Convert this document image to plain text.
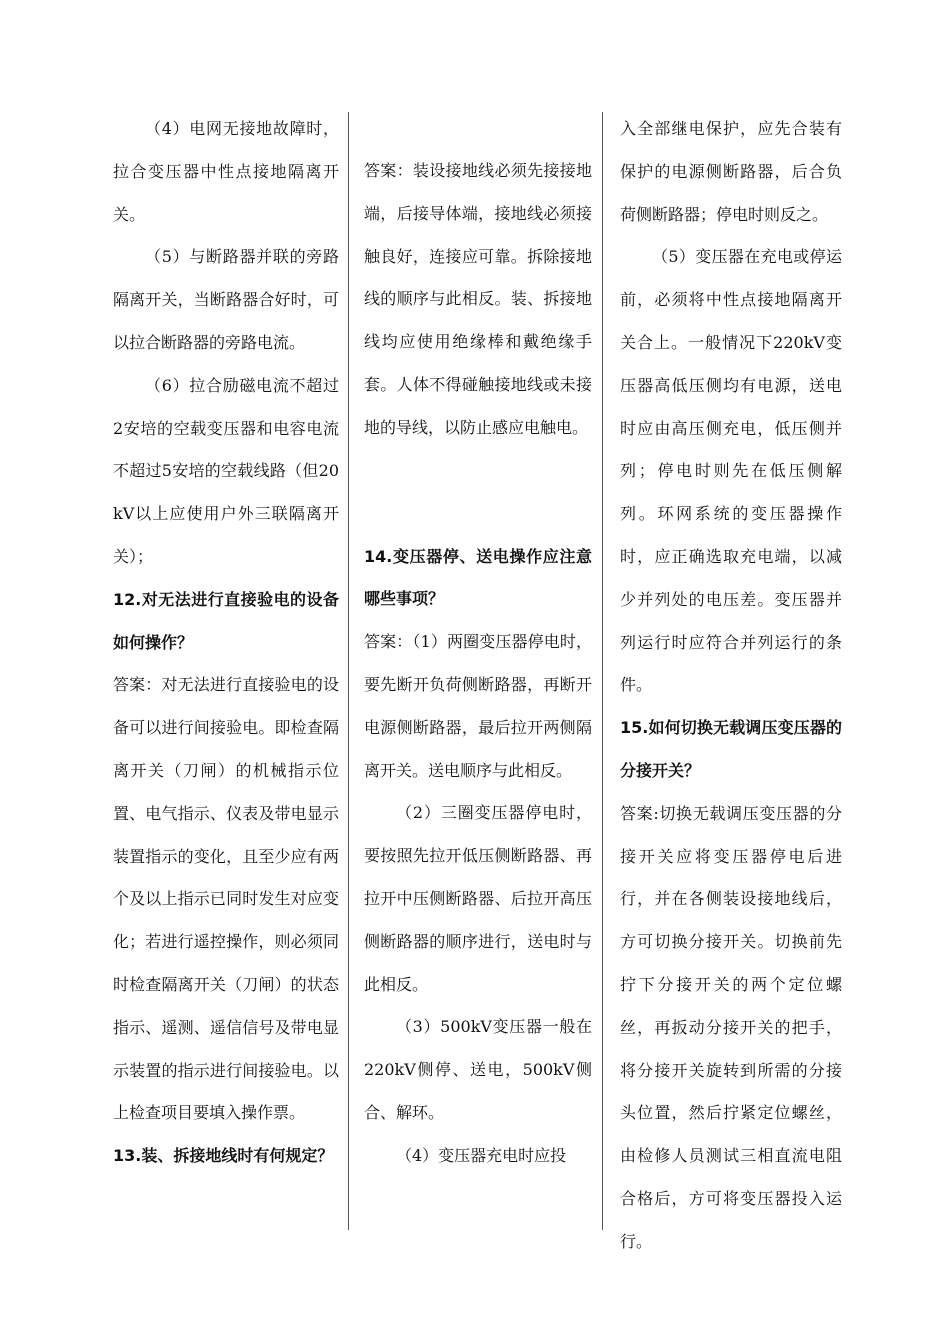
（4）电网无接地故障时，拉合变压器中性点接地隔离开关。

（5）与断路器并联的旁路隔离开关，当断路器合好时，可以拉合断路器的旁路电流。

（6）拉合励磁电流不超过2安培的空载变压器和电容电流不超过5安培的空载线路（但20kV以上应使用户外三联隔离开关）；

12.对无法进行直接验电的设备如何操作？

答案：对无法进行直接验电的设备可以进行间接验电。即检查隔离开关（刀闸）的机械指示位置、电气指示、仪表及带电显示装置指示的变化，且至少应有两个及以上指示已同时发生对应变化；若进行遥控操作，则必须同时检查隔离开关（刀闸）的状态指示、遥测、遥信信号及带电显示装置的指示进行间接验电。以上检查项目要填入操作票。

13.装、拆接地线时有何规定？

答案：装设接地线必须先接接地端，后接导体端，接地线必须接触良好，连接应可靠。拆除接地线的顺序与此相反。装、拆接地线均应使用绝缘棒和戴绝缘手套。人体不得碰触接地线或未接地的导线，以防止感应电触电。

14.变压器停、送电操作应注意哪些事项？

答案：（1）两圈变压器停电时，要先断开负荷侧断路器，再断开电源侧断路器，最后拉开两侧隔离开关。送电顺序与此相反。

（2）三圈变压器停电时，要按照先拉开低压侧断路器、再拉开中压侧断路器、后拉开高压侧断路器的顺序进行，送电时与此相反。

（3）500kV变压器一般在220kV侧停、送电，500kV侧合、解环。

（4）变压器充电时应投

入全部继电保护，应先合装有保护的电源侧断路器，后合负荷侧断路器；停电时则反之。

（5）变压器在充电或停运前，必须将中性点接地隔离开关合上。一般情况下220kV变压器高低压侧均有电源，送电时应由高压侧充电，低压侧并列；停电时则先在低压侧解列。环网系统的变压器操作时，应正确选取充电端，以减少并列处的电压差。变压器并列运行时应符合并列运行的条件。

15.如何切换无载调压变压器的分接开关？

答案:切换无载调压变压器的分接开关应将变压器停电后进行，并在各侧装设接地线后，方可切换分接开关。切换前先拧下分接开关的两个定位螺丝，再扳动分接开关的把手，将分接开关旋转到所需的分接头位置，然后拧紧定位螺丝，由检修人员测试三相直流电阻合格后，方可将变压器投入运行。
